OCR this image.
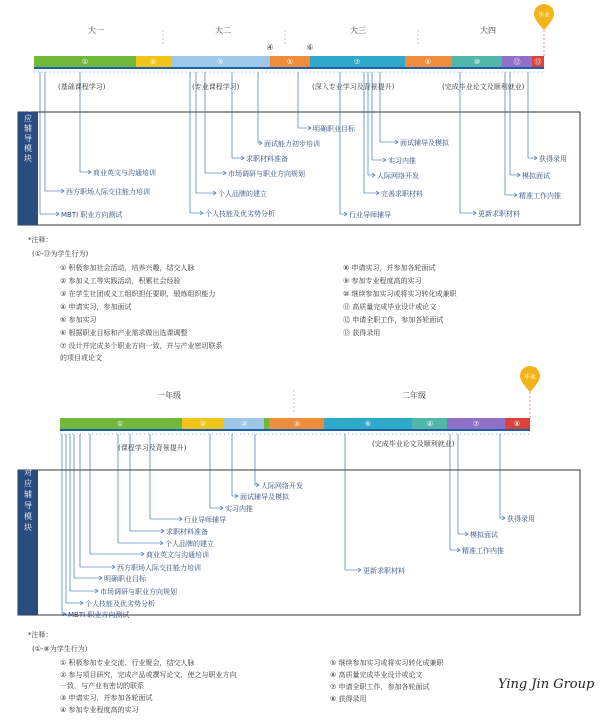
大一	大二	大三	大四
①	②	③	⑤	⑦	⑧	⑩	⑫ ⑬
④	⑥
毕业
(基础课程学习)	(专业课程学习)	(深入专业学习及背景提升)	(完成毕业论文及顺利就业)
项目对应辅导模块
MBTI 职业方向测试
西方职场人际交往能力培训
商业英文与沟通培训
个人技能及优劣势分析
个人品牌的建立
市场调研与职业方向规划
求职材料准备
面试能力初步培训
明确职业目标
行业导师辅导
完善求职材料
人际网络开发
实习内推
面试辅导及模拟
更新求职材料
精准工作内推
模拟面试
获得录用
*注释：
(①-⑬为学生行为)
① 积极参加社会活动，培养兴趣，结交人脉
② 参加义工等实践活动，积累社会经验
③ 在学生社团或义工组织担任要职，锻炼组织能力
④ 申请实习，参加面试
⑤ 参加实习
⑥ 根据职业目标和产业需求做出选课调整
⑦ 设计并完成多个职业方向一致，并与产业密切联系
的项目或论文
⑧ 申请实习，并参加各轮面试
⑨ 参加专业程度高的实习
⑩ 继续参加实习或将实习转化成兼职
⑪ 高质量完成毕业设计或论文
⑫ 申请全职工作，参加各轮面试
⑬ 获得录用
一年级	二年级
①	②	③	⑤	⑥	④	⑦	⑧
毕业
(课程学习及背景提升)	(完成毕业论文及顺利就业)
项目对应辅导模块
MBTI 职业方向测试
个人技能及优劣势分析
市场调研与职业方向规划
明确职业目标
西方职场人际交往能力培训
商业英文与沟通培训
个人品牌的建立
求职材料准备
行业导师辅导
实习内推
面试辅导及模拟
人际网络开发
更新求职材料
精准工作内推
模拟面试
获得录用
*注释：
(①-⑧为学生行为)
① 积极参加专业交流、行业聚会，结交人脉
② 参与项目研究，完成产品或撰写论文，使之与职业方向
一致，与产业有密切的联系
③ 申请实习，并参加各轮面试
④ 参加专业程度高的实习
⑤ 继续参加实习或将实习转化成兼职
⑥ 高质量完成毕业设计或论文
⑦ 申请全职工作，参加各轮面试
⑧ 获得录用
Ying Jin Group
